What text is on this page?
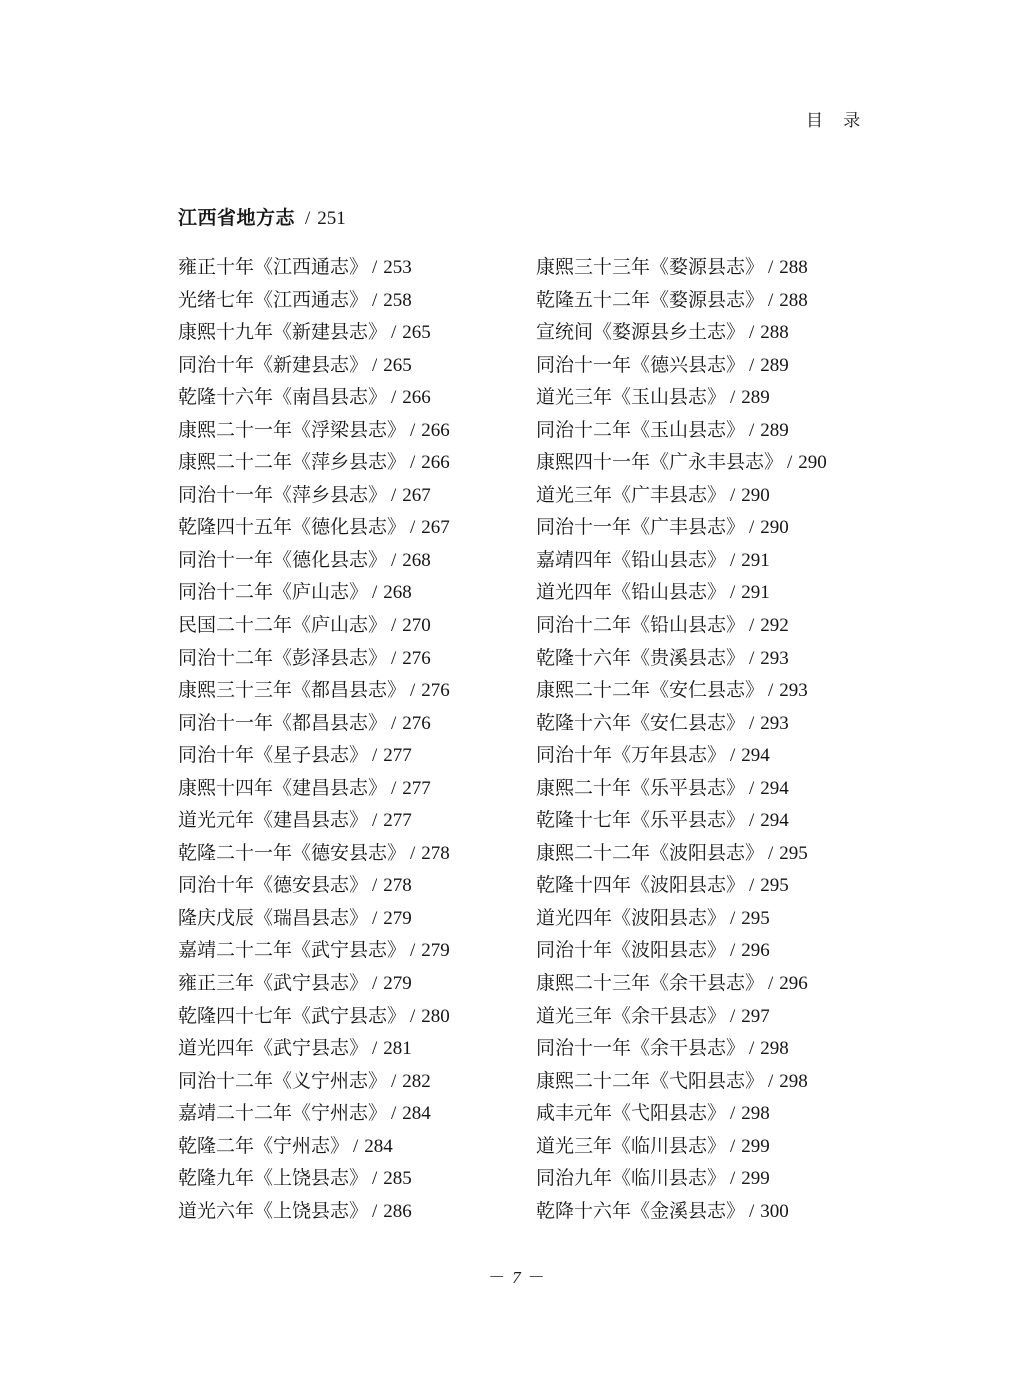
目 录
江西省地方志 / 251
雍正十年《江西通志》 / 253
光绪七年《江西通志》 / 258
康熙十九年《新建县志》 / 265
同治十年《新建县志》 / 265
乾隆十六年《南昌县志》 / 266
康熙二十一年《浮梁县志》 / 266
康熙二十二年《萍乡县志》 / 266
同治十一年《萍乡县志》 / 267
乾隆四十五年《德化县志》 / 267
同治十一年《德化县志》 / 268
同治十二年《庐山志》 / 268
民国二十二年《庐山志》 / 270
同治十二年《彭泽县志》 / 276
康熙三十三年《都昌县志》 / 276
同治十一年《都昌县志》 / 276
同治十年《星子县志》 / 277
康熙十四年《建昌县志》 / 277
道光元年《建昌县志》 / 277
乾隆二十一年《德安县志》 / 278
同治十年《德安县志》 / 278
隆庆戊辰《瑞昌县志》 / 279
嘉靖二十二年《武宁县志》 / 279
雍正三年《武宁县志》 / 279
乾隆四十七年《武宁县志》 / 280
道光四年《武宁县志》 / 281
同治十二年《义宁州志》 / 282
嘉靖二十二年《宁州志》 / 284
乾隆二年《宁州志》 / 284
乾隆九年《上饶县志》 / 285
道光六年《上饶县志》 / 286
康熙三十三年《婺源县志》 / 288
乾隆五十二年《婺源县志》 / 288
宣统间《婺源县乡土志》 / 288
同治十一年《德兴县志》 / 289
道光三年《玉山县志》 / 289
同治十二年《玉山县志》 / 289
康熙四十一年《广永丰县志》 / 290
道光三年《广丰县志》 / 290
同治十一年《广丰县志》 / 290
嘉靖四年《铅山县志》 / 291
道光四年《铅山县志》 / 291
同治十二年《铅山县志》 / 292
乾隆十六年《贵溪县志》 / 293
康熙二十二年《安仁县志》 / 293
乾隆十六年《安仁县志》 / 293
同治十年《万年县志》 / 294
康熙二十年《乐平县志》 / 294
乾隆十七年《乐平县志》 / 294
康熙二十二年《波阳县志》 / 295
乾隆十四年《波阳县志》 / 295
道光四年《波阳县志》 / 295
同治十年《波阳县志》 / 296
康熙二十三年《余干县志》 / 296
道光三年《余干县志》 / 297
同治十一年《余干县志》 / 298
康熙二十二年《弋阳县志》 / 298
咸丰元年《弋阳县志》 / 298
道光三年《临川县志》 / 299
同治九年《临川县志》 / 299
乾降十六年《金溪县志》 / 300
－ 7 －
